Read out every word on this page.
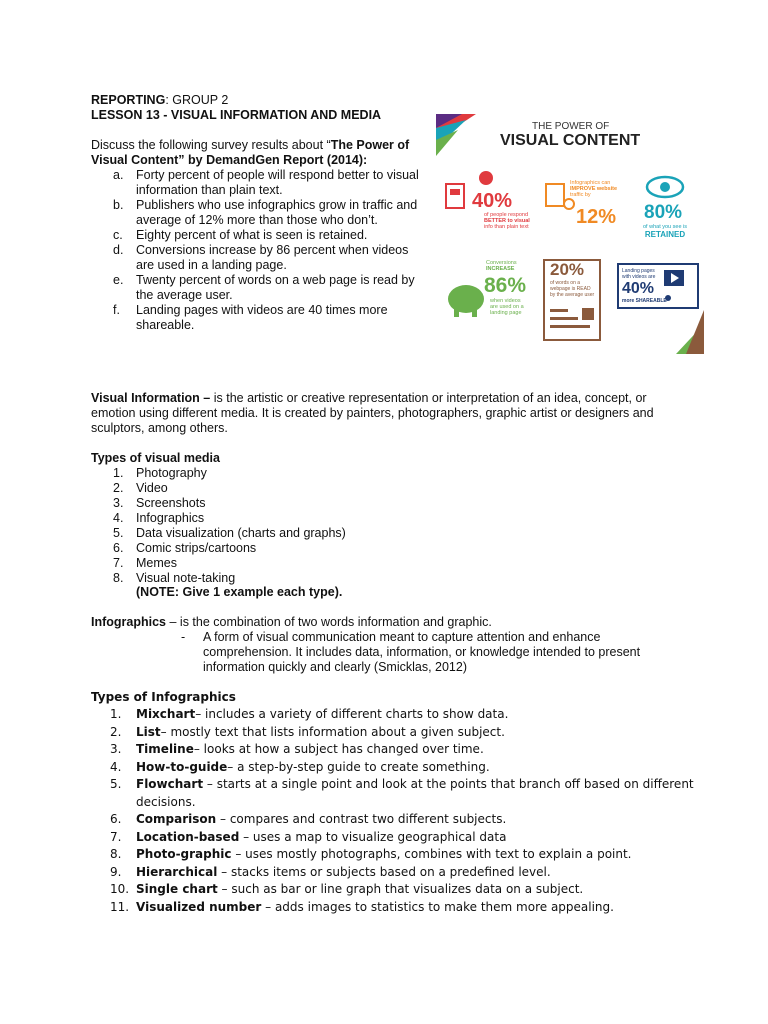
REPORTING: GROUP 2
LESSON 13 - VISUAL INFORMATION AND MEDIA
Discuss the following survey results about “The Power of
Visual Content” by DemandGen Report (2014):
a. Forty percent of people will respond better to visual
information than plain text.
b. Publishers who use infographics grow in traffic and
average of 12% more than those who don’t.
c. Eighty percent of what is seen is retained.
d. Conversions increase by 86 percent when videos
are used in a landing page.
e. Twenty percent of words on a web page is read by
the average user.
f. Landing pages with videos are 40 times more
shareable.
THE POWER OF
VISUAL CONTENT
40%
of people respond
BETTER to visual
info than plain text
Infographics can
IMPROVE website
traffic by
12% 80%
of what you see is
RETAINED
Conversions
INCREASE
86%
when videos
are used on a
landing page
20%
of words on a
webpage is READ
by the average user
Landing pages
with videos are
40%
more SHAREABLE
Visual Information – is the artistic or creative representation or interpretation of an idea, concept, or
emotion using different media. It is created by painters, photographers, graphic artist or designers and
sculptors, among others.
Types of visual media
1. Photography
2. Video
3. Screenshots
4. Infographics
5. Data visualization (charts and graphs)
6. Comic strips/cartoons
7. Memes
8. Visual note-taking
(NOTE: Give 1 example each type).
Infographics – is the combination of two words information and graphic.
- A form of visual communication meant to capture attention and enhance
comprehension. It includes data, information, or knowledge intended to present
information quickly and clearly (Smicklas, 2012)
Types of Infographics
1. Mixchart– includes a variety of different charts to show data.
2. List– mostly text that lists information about a given subject.
3. Timeline– looks at how a subject has changed over time.
4. How-to-guide– a step-by-step guide to create something.
5. Flowchart – starts at a single point and look at the points that branch off based on different
decisions.
6. Comparison – compares and contrast two different subjects.
7. Location-based – uses a map to visualize geographical data
8. Photo-graphic – uses mostly photographs, combines with text to explain a point.
9. Hierarchical – stacks items or subjects based on a predefined level.
10. Single chart – such as bar or line graph that visualizes data on a subject.
11. Visualized number – adds images to statistics to make them more appealing.
